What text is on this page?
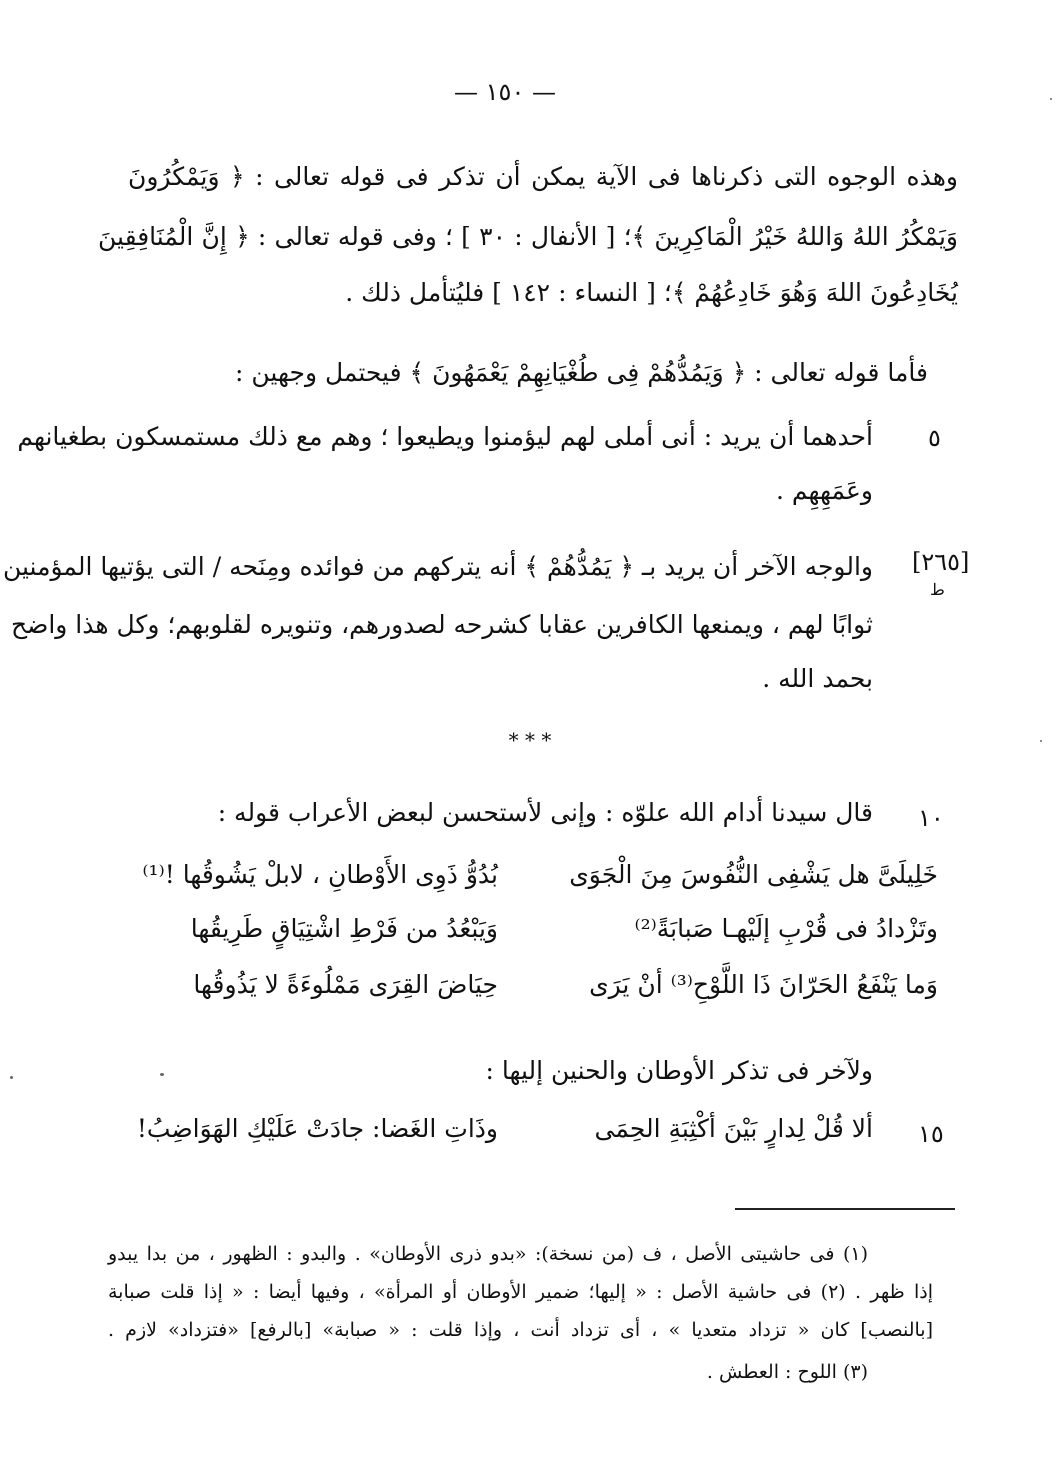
— ١٥٠ —
وهذه الوجوه التى ذكرناها فى الآية يمكن أن تذكر فى قوله تعالى : ﴿ وَيَمْكُرُونَ
وَيَمْكُرُ اللهُ وَاللهُ خَيْرُ الْمَاكِرِينَ ﴾؛ [ الأنفال : ٣٠ ] ؛ وفى قوله تعالى : ﴿ إِنَّ الْمُنَافِقِينَ
يُخَادِعُونَ اللهَ وَهُوَ خَادِعُهُمْ ﴾؛ [ النساء : ١٤٢ ] فليُتأمل ذلك .
فأما قوله تعالى : ﴿ وَيَمُدُّهُمْ فِى طُغْيَانِهِمْ يَعْمَهُونَ ﴾ فيحتمل وجهين :
٥
أحدهما أن يريد : أنى أملى لهم ليؤمنوا ويطيعوا ؛ وهم مع ذلك مستمسكون بطغيانهم
وعَمَهِهِم .
[٢٦٥]
ط
والوجه الآخر أن يريد بـ ﴿ يَمُدُّهُمْ ﴾ أنه يتركهم من فوائده ومِنَحه / التى يؤتيها المؤمنين
ثوابًا لهم ، ويمنعها الكافرين عقابا كشرحه لصدورهم، وتنويره لقلوبهم؛ وكل هذا واضح
بحمد الله .
* * *
١٠
قال سيدنا أدام الله علوّه : وإنى لأستحسن لبعض الأعراب قوله :
خَلِيلَىَّ هل يَشْفِى النُّفُوسَ مِنَ الْجَوَى
بُدُوُّ ذَوِى الأَوْطانِ ، لابلْ يَشُوقُها !⁽¹⁾
وتَزْدادُ فى قُرْبِ إلَيْهـا صَبابَةً⁽²⁾
وَيَبْعُدُ من فَرْطِ اشْتِيَاقٍ طَرِيقُها
وَما يَنْفَعُ الحَرّانَ ذَا اللَّوْحِ⁽³⁾ أنْ يَرَى
حِيَاضَ القِرَى مَمْلُوءَةً لا يَذُوقُها
ولآخر فى تذكر الأوطان والحنين إليها :
١٥
ألا قُلْ لِدارٍ بَيْنَ أكْثِبَةِ الحِمَى
وذَاتِ الغَضا: جادَتْ عَلَيْكِ الهَوَاضِبُ!
(١) فى حاشيتى الأصل ، ف (من نسخة): «بدو ذرى الأوطان» . والبدو : الظهور ، من بدا يبدو
إذا ظهر . (٢) فى حاشية الأصل : « إليها؛ ضمير الأوطان أو المرأة» ، وفيها أيضا : « إذا قلت صبابة
[بالنصب] كان « تزداد متعديا » ، أى تزداد أنت ، وإذا قلت : « صبابة» [بالرفع] «فتزداد» لازم .
(٣) اللوح : العطش .
